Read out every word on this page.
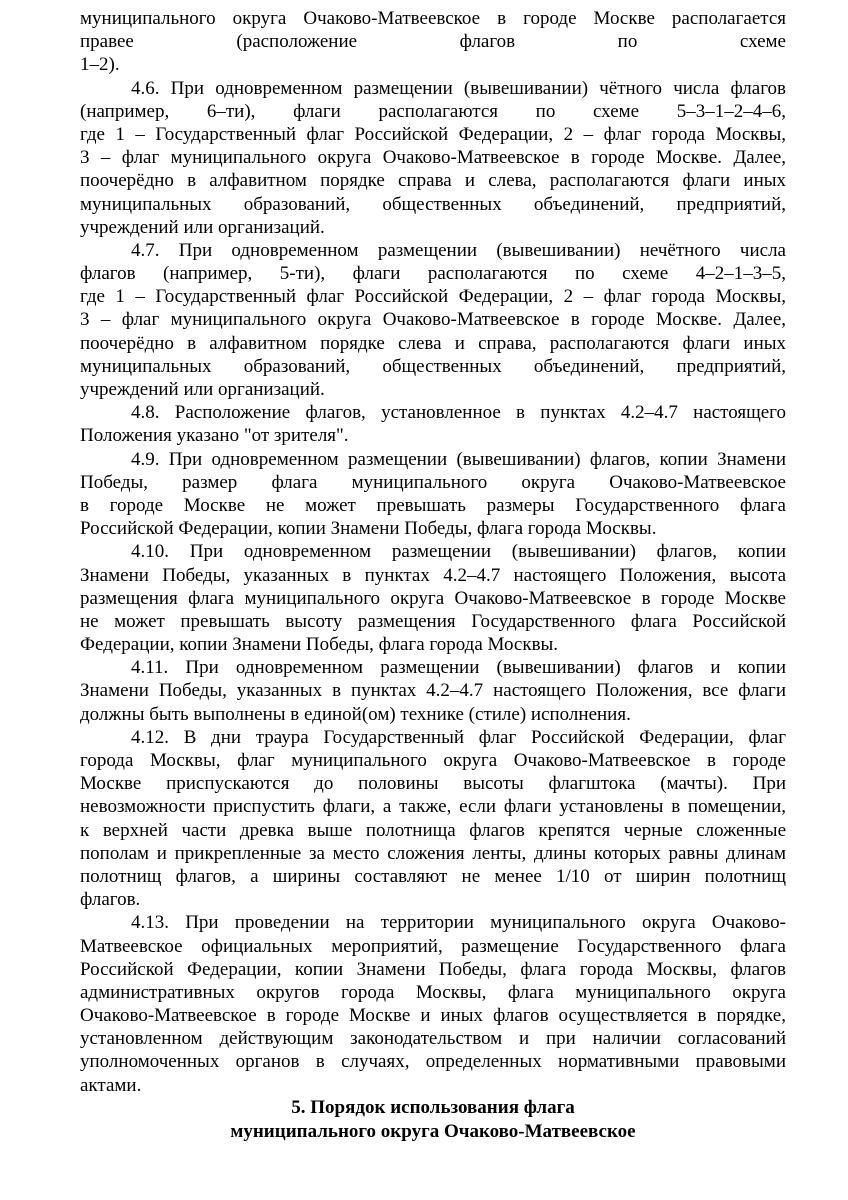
муниципального округа Очаково-Матвеевское в городе Москве располагается
правее (расположение флагов по схеме
1–2).
4.6. При одновременном размещении (вывешивании) чётного числа флагов
(например, 6–ти), флаги располагаются по схеме 5–3–1–2–4–6,
где 1 – Государственный флаг Российской Федерации, 2 – флаг города Москвы,
3 – флаг муниципального округа Очаково-Матвеевское в городе Москве. Далее,
поочерёдно в алфавитном порядке справа и слева, располагаются флаги иных
муниципальных образований, общественных объединений, предприятий,
учреждений или организаций.
4.7. При одновременном размещении (вывешивании) нечётного числа
флагов (например, 5-ти), флаги располагаются по схеме 4–2–1–3–5,
где 1 – Государственный флаг Российской Федерации, 2 – флаг города Москвы,
3 – флаг муниципального округа Очаково-Матвеевское в городе Москве. Далее,
поочерёдно в алфавитном порядке слева и справа, располагаются флаги иных
муниципальных образований, общественных объединений, предприятий,
учреждений или организаций.
4.8. Расположение флагов, установленное в пунктах 4.2–4.7 настоящего
Положения указано "от зрителя".
4.9. При одновременном размещении (вывешивании) флагов, копии Знамени
Победы, размер флага муниципального округа Очаково-Матвеевское
в городе Москве не может превышать размеры Государственного флага
Российской Федерации, копии Знамени Победы, флага города Москвы.
4.10. При одновременном размещении (вывешивании) флагов, копии
Знамени Победы, указанных в пунктах 4.2–4.7 настоящего Положения, высота
размещения флага муниципального округа Очаково-Матвеевское в городе Москве
не может превышать высоту размещения Государственного флага Российской
Федерации, копии Знамени Победы, флага города Москвы.
4.11. При одновременном размещении (вывешивании) флагов и копии
Знамени Победы, указанных в пунктах 4.2–4.7 настоящего Положения, все флаги
должны быть выполнены в единой(ом) технике (стиле) исполнения.
4.12. В дни траура Государственный флаг Российской Федерации, флаг
города Москвы, флаг муниципального округа Очаково-Матвеевское в городе
Москве приспускаются до половины высоты флагштока (мачты). При
невозможности приспустить флаги, а также, если флаги установлены в помещении,
к верхней части древка выше полотнища флагов крепятся черные сложенные
пополам и прикрепленные за место сложения ленты, длины которых равны длинам
полотнищ флагов, а ширины составляют не менее 1/10 от ширин полотнищ
флагов.
4.13. При проведении на территории муниципального округа Очаково-
Матвеевское официальных мероприятий, размещение Государственного флага
Российской Федерации, копии Знамени Победы, флага города Москвы, флагов
административных округов города Москвы, флага муниципального округа
Очаково-Матвеевское в городе Москве и иных флагов осуществляется в порядке,
установленном действующим законодательством и при наличии согласований
уполномоченных органов в случаях, определенных нормативными правовыми
актами.
5. Порядок использования флага
муниципального округа Очаково-Матвеевское
